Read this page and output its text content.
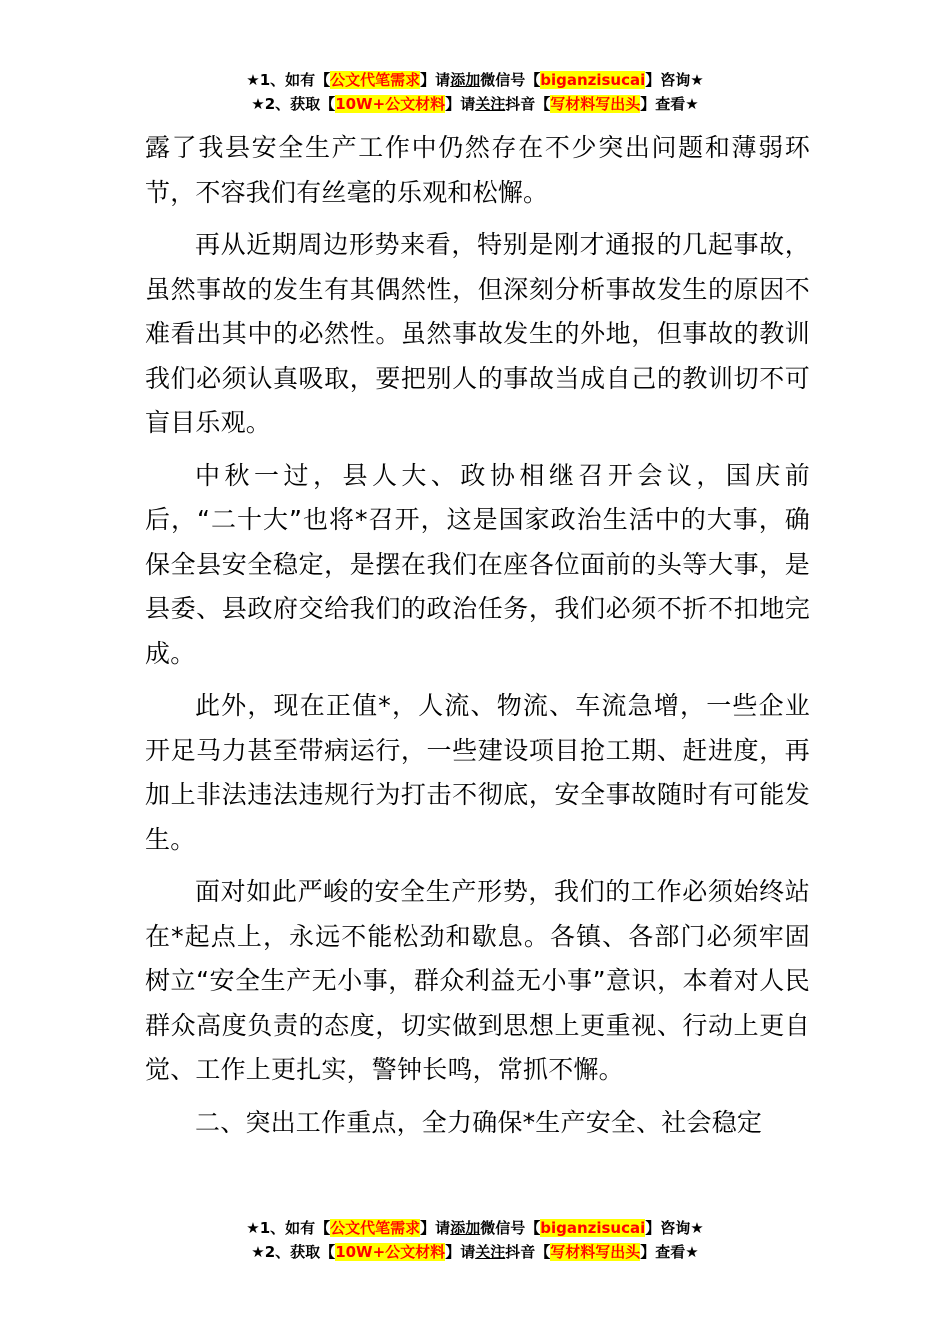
★1、如有【公文代笔需求】请添加微信号【biganzisucai】咨询★
★2、获取【10W+公文材料】请关注抖音【写材料写出头】查看★

露了我县安全生产工作中仍然存在不少突出问题和薄弱环节，不容我们有丝毫的乐观和松懈。

再从近期周边形势来看，特别是刚才通报的几起事故，虽然事故的发生有其偶然性，但深刻分析事故发生的原因不难看出其中的必然性。虽然事故发生的外地，但事故的教训我们必须认真吸取，要把别人的事故当成自己的教训切不可盲目乐观。

中秋一过，县人大、政协相继召开会议，国庆前后，“二十大”也将*召开，这是国家政治生活中的大事，确保全县安全稳定，是摆在我们在座各位面前的头等大事，是县委、县政府交给我们的政治任务，我们必须不折不扣地完成。

此外，现在正值*，人流、物流、车流急增，一些企业开足马力甚至带病运行，一些建设项目抢工期、赶进度，再加上非法违法违规行为打击不彻底，安全事故随时有可能发生。

面对如此严峻的安全生产形势，我们的工作必须始终站在*起点上，永远不能松劲和歇息。各镇、各部门必须牢固树立“安全生产无小事，群众利益无小事”意识，本着对人民群众高度负责的态度，切实做到思想上更重视、行动上更自觉、工作上更扎实，警钟长鸣，常抓不懈。

二、突出工作重点，全力确保*生产安全、社会稳定

★1、如有【公文代笔需求】请添加微信号【biganzisucai】咨询★
★2、获取【10W+公文材料】请关注抖音【写材料写出头】查看★
